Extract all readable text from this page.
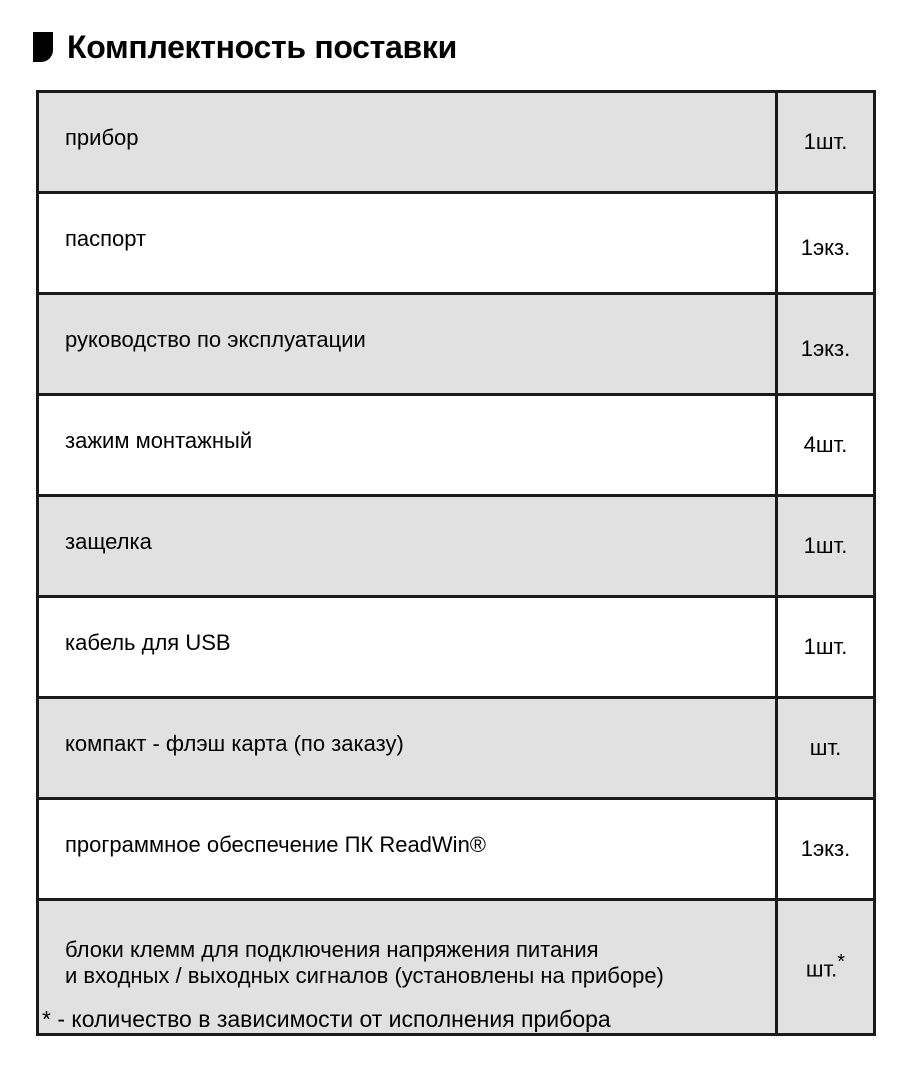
Комплектность поставки
прибор	1шт.
паспорт	1экз.
руководство по эксплуатации	1экз.
зажим монтажный	4шт.
защелка	1шт.
кабель для USB	1шт.
компакт - флэш карта (по заказу)	шт.
программное обеспечение ПК ReadWin®	1экз.

блоки клемм для подключения напряжения питания
и входных / выходных сигналов (установлены на приборе)	шт.*
* - количество в зависимости от исполнения прибора
